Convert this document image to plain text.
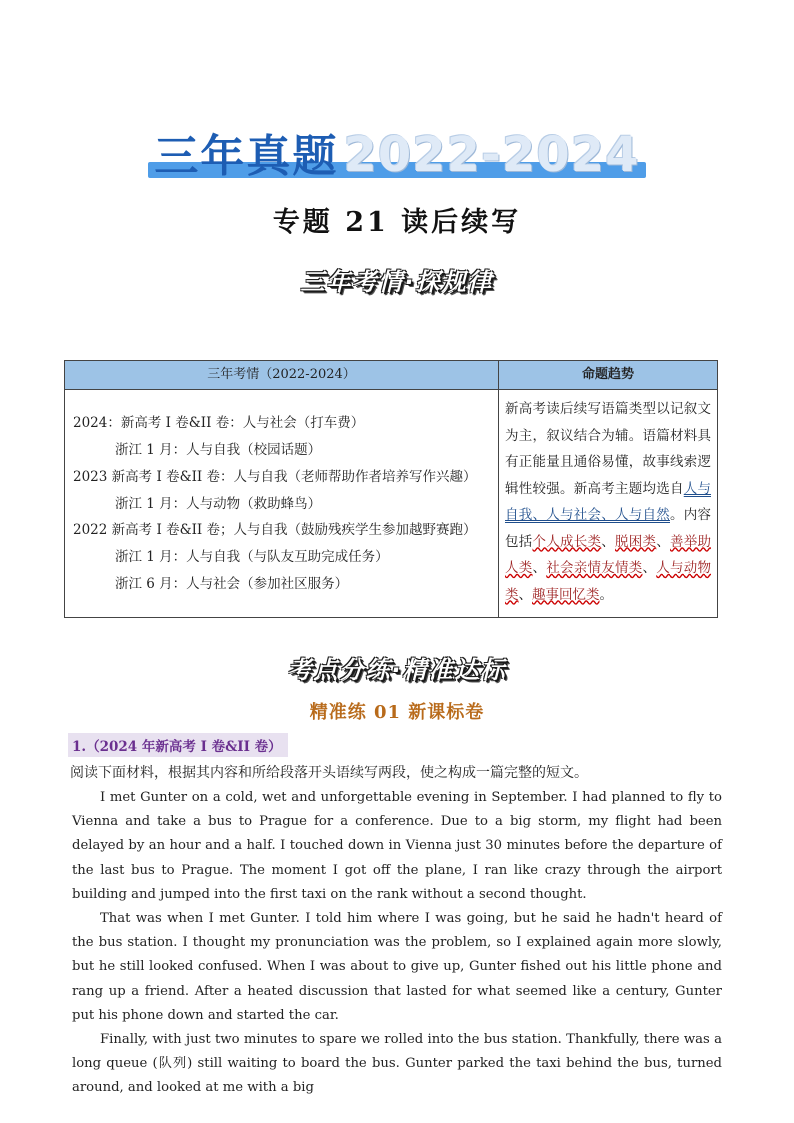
三年真题 2022-2024
专题 21 读后续写
三年考情·探规律
三年考情（2022-2024）	命题趋势
2024：新高考 I 卷&II 卷：人与社会（打车费）
浙江 1 月：人与自我（校园话题）
2023 新高考 I 卷&II 卷：人与自我（老师帮助作者培养写作兴趣）
浙江 1 月：人与动物（救助蜂鸟）
2022 新高考 I 卷&II 卷；人与自我（鼓励残疾学生参加越野赛跑）
浙江 1 月：人与自我（与队友互助完成任务）
浙江 6 月：人与社会（参加社区服务）
新高考读后续写语篇类型以记叙文为主，叙议结合为辅。语篇材料具有正能量且通俗易懂，故事线索逻辑性较强。新高考主题均选自人与自我、人与社会、人与自然。内容包括个人成长类、脱困类、善举助人类、社会亲情友情类、人与动物类、趣事回忆类。
考点分练·精准达标
精准练 01 新课标卷
1.（2024 年新高考 I 卷&II 卷）
阅读下面材料，根据其内容和所给段落开头语续写两段，使之构成一篇完整的短文。

I met Gunter on a cold, wet and unforgettable evening in September. I had planned to fly to Vienna and take a bus to Prague for a conference. Due to a big storm, my flight had been delayed by an hour and a half. I touched down in Vienna just 30 minutes before the departure of the last bus to Prague. The moment I got off the plane, I ran like crazy through the airport building and jumped into the first taxi on the rank without a second thought.

That was when I met Gunter. I told him where I was going, but he said he hadn't heard of the bus station. I thought my pronunciation was the problem, so I explained again more slowly, but he still looked confused. When I was about to give up, Gunter fished out his little phone and rang up a friend. After a heated discussion that lasted for what seemed like a century, Gunter put his phone down and started the car.

Finally, with just two minutes to spare we rolled into the bus station. Thankfully, there was a long queue (队列) still waiting to board the bus. Gunter parked the taxi behind the bus, turned around, and looked at me with a big
